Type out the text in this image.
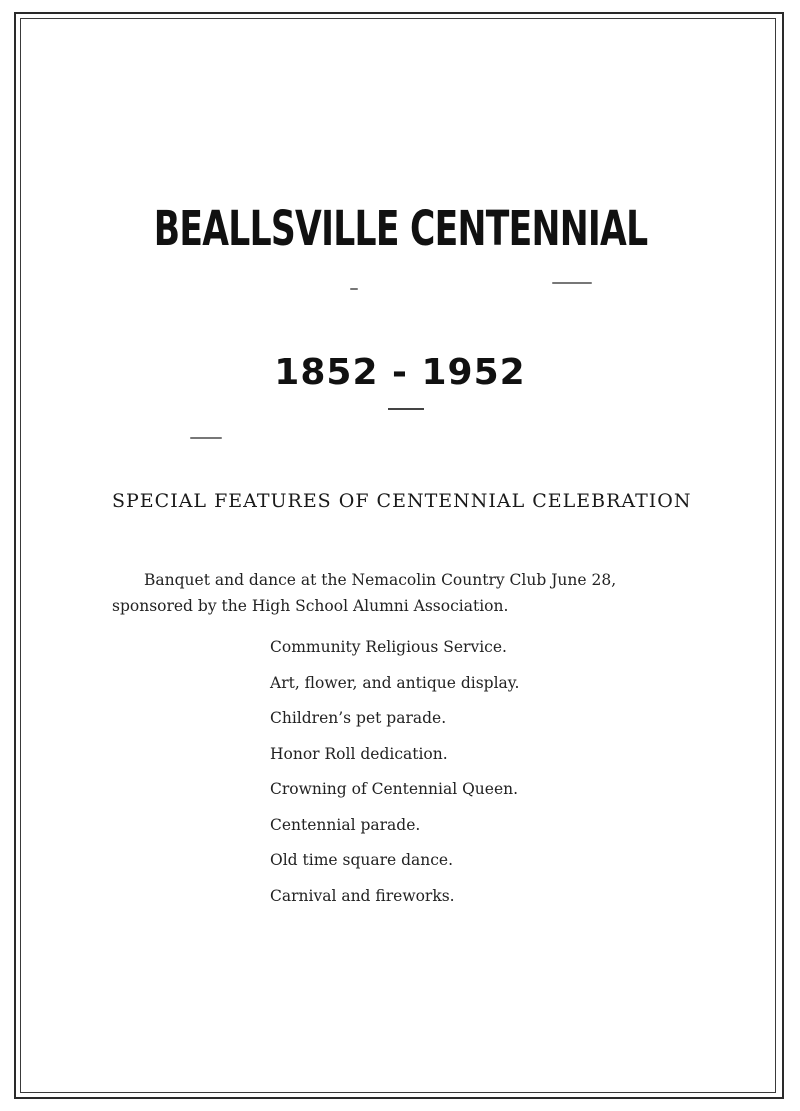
BEALLSVILLE CENTENNIAL
1852 - 1952
SPECIAL FEATURES OF CENTENNIAL CELEBRATION

Banquet and dance at the Nemacolin Country Club June 28, sponsored by the High School Alumni Association.

Community Religious Service.
Art, flower, and antique display.
Children’s pet parade.
Honor Roll dedication.
Crowning of Centennial Queen.
Centennial parade.
Old time square dance.
Carnival and fireworks.
